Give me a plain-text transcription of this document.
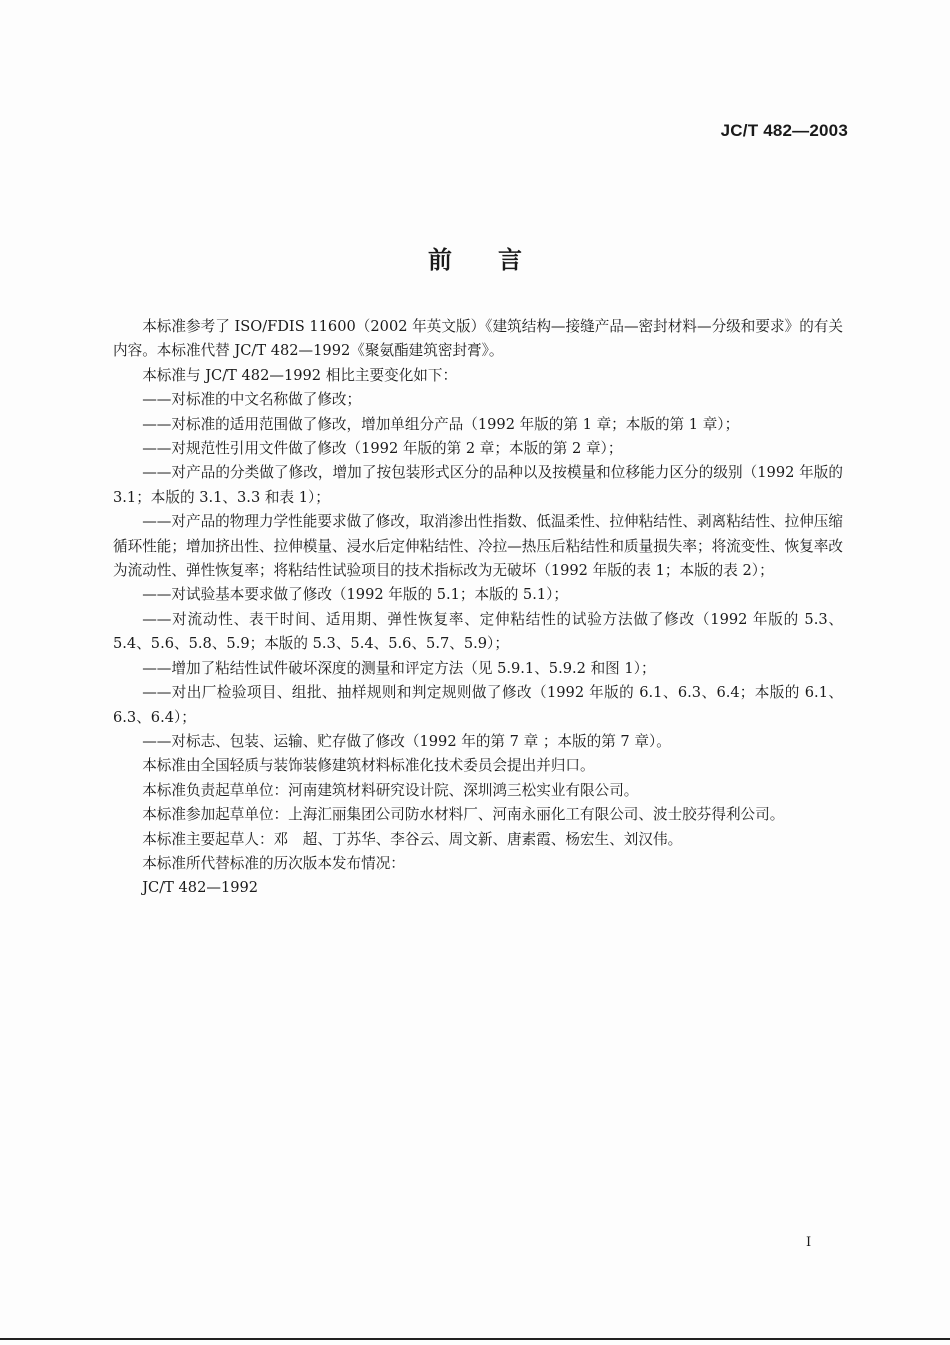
JC/T 482—2003
前言

本标准参考了 ISO/FDIS 11600（2002 年英文版）《建筑结构—接缝产品—密封材料—分级和要求》的有关内容。本标准代替 JC/T 482—1992《聚氨酯建筑密封膏》。

本标准与 JC/T 482—1992 相比主要变化如下：

——对标准的中文名称做了修改；

——对标准的适用范围做了修改，增加单组分产品（1992 年版的第 1 章；本版的第 1 章）；

——对规范性引用文件做了修改（1992 年版的第 2 章；本版的第 2 章）；

——对产品的分类做了修改，增加了按包装形式区分的品种以及按模量和位移能力区分的级别（1992 年版的 3.1；本版的 3.1、3.3 和表 1）；

——对产品的物理力学性能要求做了修改，取消渗出性指数、低温柔性、拉伸粘结性、剥离粘结性、拉伸压缩循环性能；增加挤出性、拉伸模量、浸水后定伸粘结性、冷拉—热压后粘结性和质量损失率；将流变性、恢复率改为流动性、弹性恢复率；将粘结性试验项目的技术指标改为无破坏（1992 年版的表 1；本版的表 2）；

——对试验基本要求做了修改（1992 年版的 5.1；本版的 5.1）；

——对流动性、表干时间、适用期、弹性恢复率、定伸粘结性的试验方法做了修改（1992 年版的 5.3、5.4、5.6、5.8、5.9；本版的 5.3、5.4、5.6、5.7、5.9）；

——增加了粘结性试件破坏深度的测量和评定方法（见 5.9.1、5.9.2 和图 1）；

——对出厂检验项目、组批、抽样规则和判定规则做了修改（1992 年版的 6.1、6.3、6.4；本版的 6.1、6.3、6.4）；

——对标志、包装、运输、贮存做了修改（1992 年的第 7 章 ；本版的第 7 章）。

本标准由全国轻质与装饰装修建筑材料标准化技术委员会提出并归口。

本标准负责起草单位：河南建筑材料研究设计院、深圳鸿三松实业有限公司。

本标准参加起草单位：上海汇丽集团公司防水材料厂、河南永丽化工有限公司、波士胶芬得利公司。

本标准主要起草人：邓　超、丁苏华、李谷云、周文新、唐素霞、杨宏生、刘汉伟。

本标准所代替标准的历次版本发布情况：

JC/T 482—1992

I
